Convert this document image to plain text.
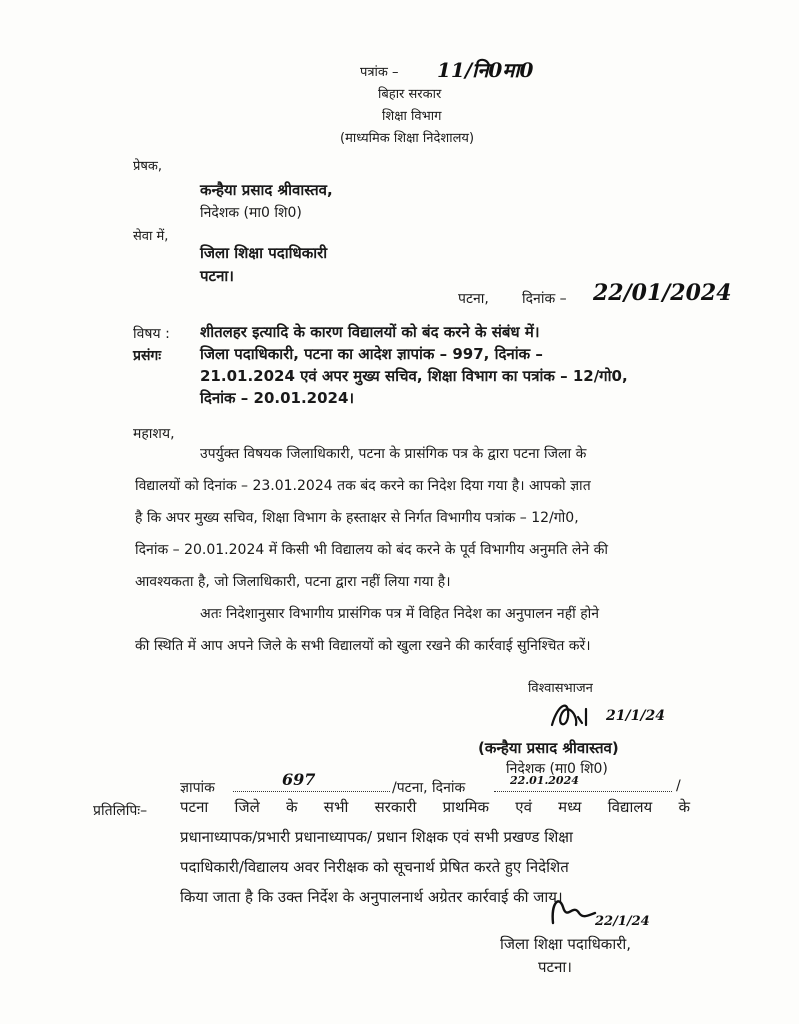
पत्रांक – 11/नि0मा0
बिहार सरकार
शिक्षा विभाग
(माध्यमिक शिक्षा निदेशालय)
प्रेषक,
कन्हैया प्रसाद श्रीवास्तव,
निदेशक (मा0 शि0)
सेवा में,
जिला शिक्षा पदाधिकारी
पटना।
पटना, दिनांक – 22/01/2024
विषय : शीतलहर इत्यादि के कारण विद्यालयों को बंद करने के संबंध में।
प्रसंगः	जिला पदाधिकारी, पटना का आदेश ज्ञापांक – 997, दिनांक –
21.01.2024 एवं अपर मुख्य सचिव, शिक्षा विभाग का पत्रांक – 12/गो0,
दिनांक – 20.01.2024।
महाशय,
उपर्युक्त विषयक जिलाधिकारी, पटना के प्रासंगिक पत्र के द्वारा पटना जिला के
विद्यालयों को दिनांक – 23.01.2024 तक बंद करने का निदेश दिया गया है। आपको ज्ञात
है कि अपर मुख्य सचिव, शिक्षा विभाग के हस्ताक्षर से निर्गत विभागीय पत्रांक – 12/गो0,
दिनांक – 20.01.2024 में किसी भी विद्यालय को बंद करने के पूर्व विभागीय अनुमति लेने की
आवश्यकता है, जो जिलाधिकारी, पटना द्वारा नहीं लिया गया है।
अतः निदेशानुसार विभागीय प्रासंगिक पत्र में विहित निदेश का अनुपालन नहीं होने
की स्थिति में आप अपने जिले के सभी विद्यालयों को खुला रखने की कार्रवाई सुनिश्चित करें।
विश्वासभाजन
21/1/24
(कन्हैया प्रसाद श्रीवास्तव)
निदेशक (मा0 शि0)
ज्ञापांक	697	/पटना, दिनांक	22.01.2024	/
प्रतिलिपिः– पटना जिले के सभी सरकारी प्राथमिक एवं मध्य विद्यालय के
प्रधानाध्यापक/प्रभारी प्रधानाध्यापक/ प्रधान शिक्षक एवं सभी प्रखण्ड शिक्षा
पदाधिकारी/विद्यालय अवर निरीक्षक को सूचनार्थ प्रेषित करते हुए निदेशित
किया जाता है कि उक्त निर्देश के अनुपालनार्थ अग्रेतर कार्रवाई की जाय।
22/1/24
जिला शिक्षा पदाधिकारी,
पटना।
